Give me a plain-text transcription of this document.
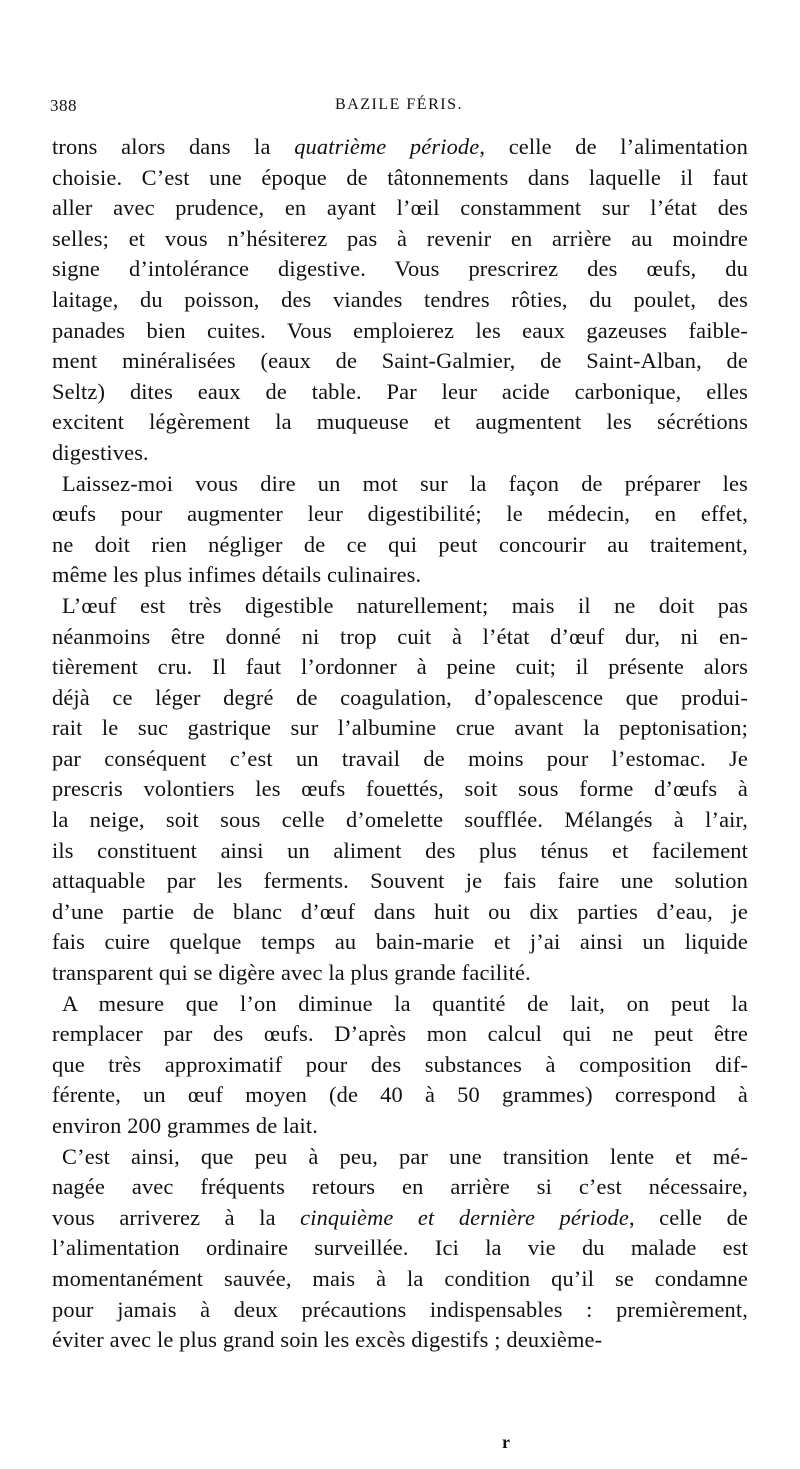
388	BAZILE FÉRIS.
trons alors dans la quatrième période, celle de l’alimentation
choisie. C’est une époque de tâtonnements dans laquelle il faut
aller avec prudence, en ayant l’œil constamment sur l’état des
selles; et vous n’hésiterez pas à revenir en arrière au moindre
signe d’intolérance digestive. Vous prescrirez des œufs, du
laitage, du poisson, des viandes tendres rôties, du poulet, des
panades bien cuites. Vous emploierez les eaux gazeuses faible-
ment minéralisées (eaux de Saint-Galmier, de Saint-Alban, de
Seltz) dites eaux de table. Par leur acide carbonique, elles
excitent légèrement la muqueuse et augmentent les sécrétions
digestives.
Laissez-moi vous dire un mot sur la façon de préparer les
œufs pour augmenter leur digestibilité; le médecin, en effet,
ne doit rien négliger de ce qui peut concourir au traitement,
même les plus infimes détails culinaires.
L’œuf est très digestible naturellement; mais il ne doit pas
néanmoins être donné ni trop cuit à l’état d’œuf dur, ni en-
tièrement cru. Il faut l’ordonner à peine cuit; il présente alors
déjà ce léger degré de coagulation, d’opalescence que produi-
rait le suc gastrique sur l’albumine crue avant la peptonisation;
par conséquent c’est un travail de moins pour l’estomac. Je
prescris volontiers les œufs fouettés, soit sous forme d’œufs à
la neige, soit sous celle d’omelette soufflée. Mélangés à l’air,
ils constituent ainsi un aliment des plus ténus et facilement
attaquable par les ferments. Souvent je fais faire une solution
d’une partie de blanc d’œuf dans huit ou dix parties d’eau, je
fais cuire quelque temps au bain-marie et j’ai ainsi un liquide
transparent qui se digère avec la plus grande facilité.
A mesure que l’on diminue la quantité de lait, on peut la
remplacer par des œufs. D’après mon calcul qui ne peut être
que très approximatif pour des substances à composition dif-
férente, un œuf moyen (de 40 à 50 grammes) correspond à
environ 200 grammes de lait.
C’est ainsi, que peu à peu, par une transition lente et mé-
nagée avec fréquents retours en arrière si c’est nécessaire,
vous arriverez à la cinquième et dernière période, celle de
l’alimentation ordinaire surveillée. Ici la vie du malade est
momentanément sauvée, mais à la condition qu’il se condamne
pour jamais à deux précautions indispensables : premièrement,
éviter avec le plus grand soin les excès digestifs ; deuxième-
r
